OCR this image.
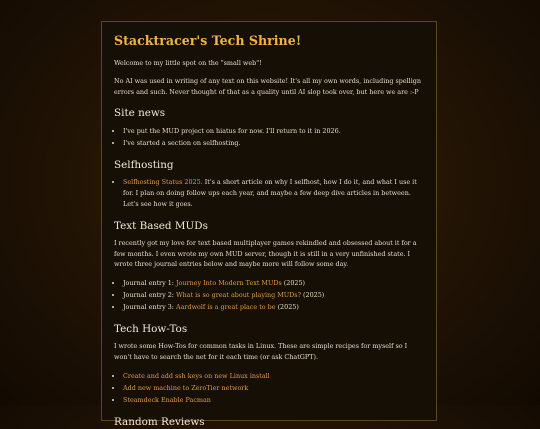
Stacktracer's Tech Shrine!

Welcome to my little spot on the "small web"!

No AI was used in writing of any text on this website! It's all my own words, including spellign errors and such. Never thought of that as a quality until AI slop took over, but here we are :-P

Site news
• I've put the MUD project on hiatus for now. I'll return to it in 2026.
• I've started a section on selfhosting.
Selfhosting
• Selfhosting Status 2025. It's a short article on why I selfhost, how I do it, and what I use it for. I plan on doing follow ups each year, and maybe a few deep dive articles in between. Let's see how it goes.
Text Based MUDs

I recently got my love for text based multiplayer games rekindled and obsessed about it for a few months. I even wrote my own MUD server, though it is still in a very unfinished state. I wrote three journal entries below and maybe more will follow some day.

• Journal entry 1: Journey Into Modern Text MUDs (2025)
• Journal entry 2: What is so great about playing MUDs? (2025)
• Journal entry 3: Aardwolf is a great place to be (2025)
Tech How-Tos

I wrote some How-Tos for common tasks in Linux. These are simple recipes for myself so I won't have to search the net for it each time (or ask ChatGPT).

• Create and add ssh keys on new Linux install
• Add new machine to ZeroTier network
• Steamdeck Enable Pacman
Random Reviews
